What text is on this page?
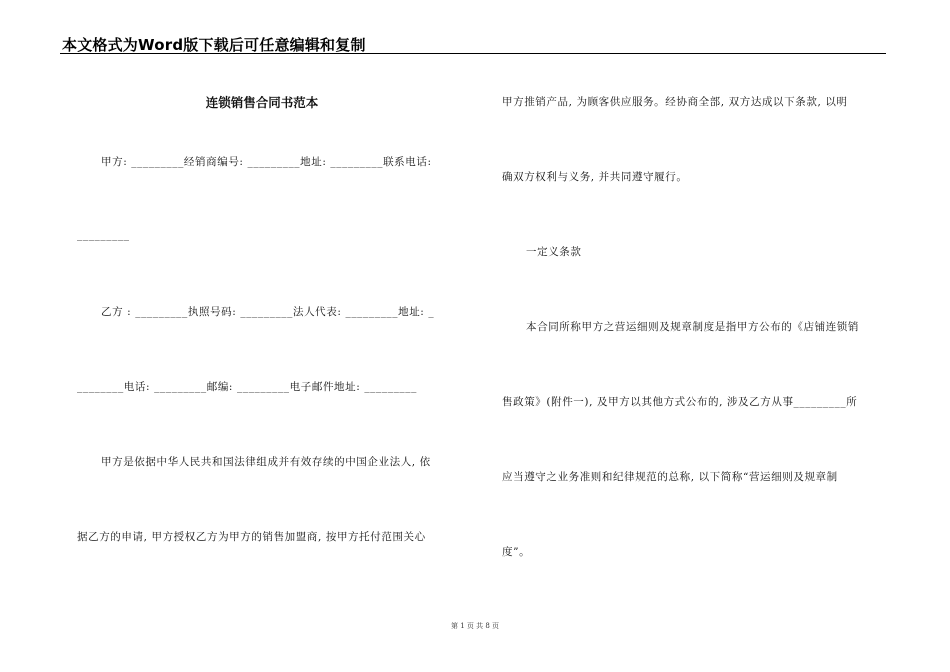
本文格式为Word版下载后可任意编辑和复制
连锁销售合同书范本
甲方: _________经销商编号: _________地址: _________联系电话:
_________
乙方 : _________执照号码: _________法人代表: _________地址: _
________电话: _________邮编: _________电子邮件地址: _________
甲方是依据中华人民共和国法律组成并有效存续的中国企业法人, 依
据乙方的申请, 甲方授权乙方为甲方的销售加盟商, 按甲方托付范围关心
甲方推销产品, 为顾客供应服务。经协商全部, 双方达成以下条款, 以明
确双方权利与义务, 并共同遵守履行。
一定义条款
本合同所称甲方之营运细则及规章制度是指甲方公布的《店铺连锁销
售政策》(附件一), 及甲方以其他方式公布的, 涉及乙方从事_________所
应当遵守之业务准则和纪律规范的总称, 以下简称“营运细则及规章制
度”。
第 1 页 共 8 页
